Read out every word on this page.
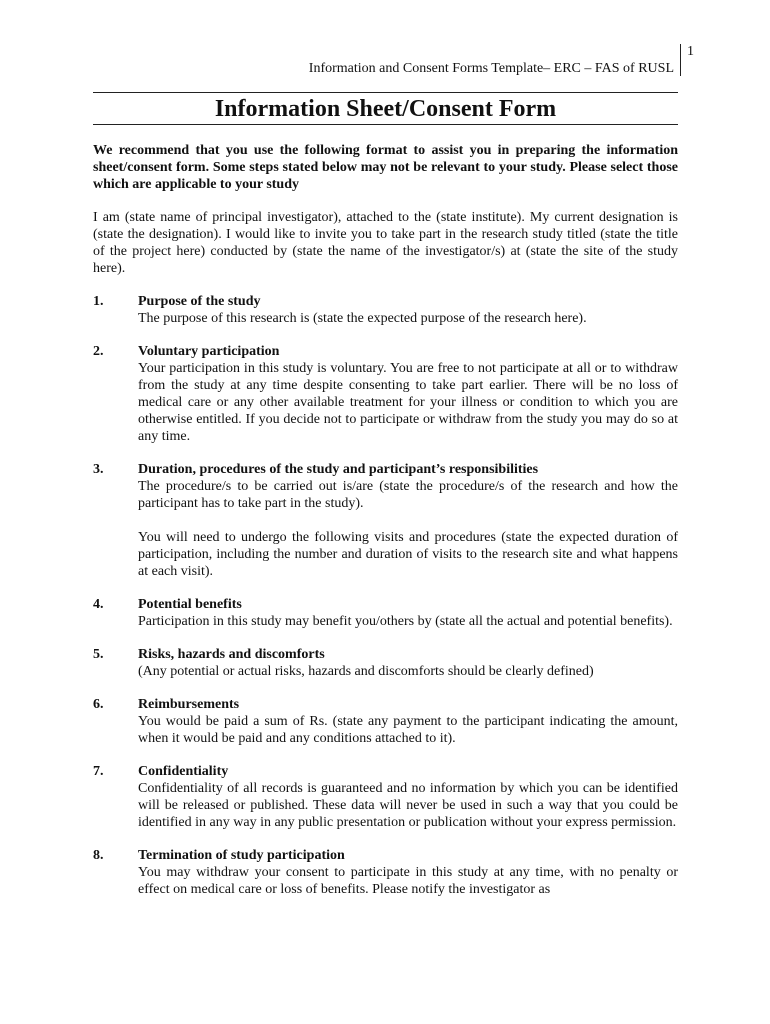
1
Information and Consent Forms Template– ERC – FAS of RUSL
Information Sheet/Consent Form

We recommend that you use the following format to assist you in preparing the information sheet/consent form. Some steps stated below may not be relevant to your study. Please select those which are applicable to your study

I am (state name of principal investigator), attached to the (state institute). My current designation is (state the designation). I would like to invite you to take part in the research study titled (state the title of the project here) conducted by (state the name of the investigator/s) at (state the site of the study here).

1.	Purpose of the study

The purpose of this research is (state the expected purpose of the research here).

2.	Voluntary participation

Your participation in this study is voluntary. You are free to not participate at all or to withdraw from the study at any time despite consenting to take part earlier. There will be no loss of medical care or any other available treatment for your illness or condition to which you are otherwise entitled. If you decide not to participate or withdraw from the study you may do so at any time.

3.	Duration, procedures of the study and participant’s responsibilities

The procedure/s to be carried out is/are (state the procedure/s of the research and how the participant has to take part in the study).

You will need to undergo the following visits and procedures (state the expected duration of participation, including the number and duration of visits to the research site and what happens at each visit).

4.	Potential benefits

Participation in this study may benefit you/others by (state all the actual and potential benefits).

5.	Risks, hazards and discomforts

(Any potential or actual risks, hazards and discomforts should be clearly defined)

6.	Reimbursements

You would be paid a sum of Rs. (state any payment to the participant indicating the amount, when it would be paid and any conditions attached to it).

7.	Confidentiality

Confidentiality of all records is guaranteed and no information by which you can be identified will be released or published. These data will never be used in such a way that you could be identified in any way in any public presentation or publication without your express permission.

8.	Termination of study participation

You may withdraw your consent to participate in this study at any time, with no penalty or effect on medical care or loss of benefits. Please notify the investigator as
